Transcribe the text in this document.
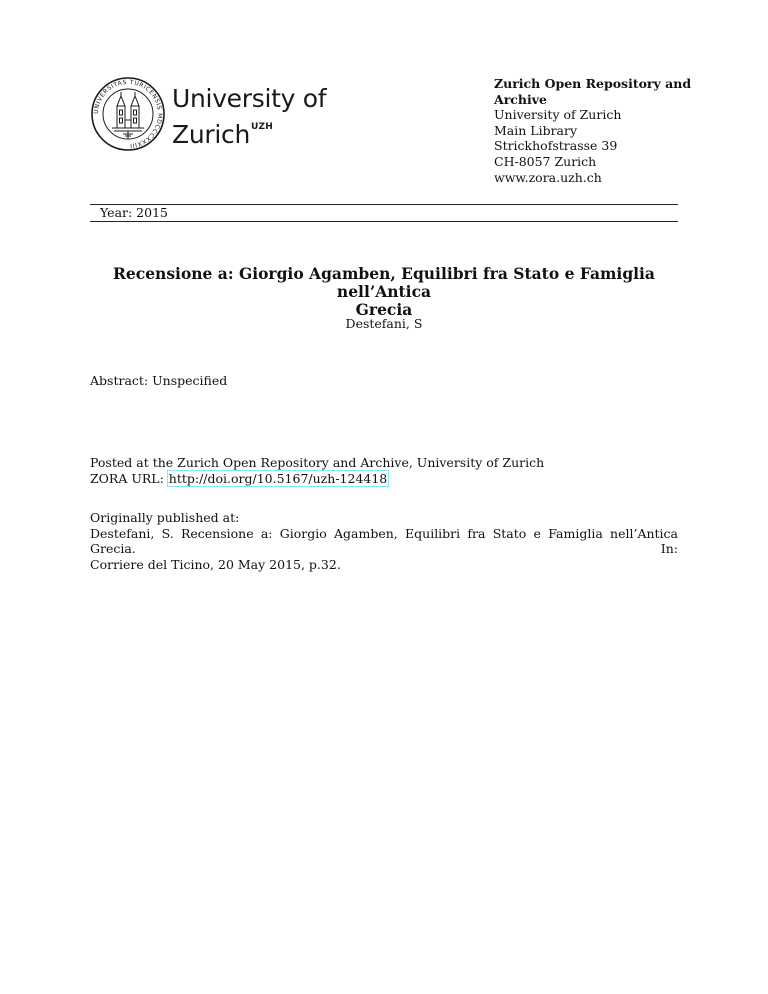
UNIVERSITAS TURICENSIS MDCCCXXXIII
University of
Zurich$^{UZH}$
Zurich Open Repository and
Archive
University of Zurich
Main Library
Strickhofstrasse 39
CH-8057 Zurich
www.zora.uzh.ch
Year: 2015
Recensione a: Giorgio Agamben, Equilibri fra Stato e Famiglia nell’Antica
Grecia
Destefani, S
Abstract: Unspecified
Posted at the Zurich Open Repository and Archive, University of Zurich
ZORA URL: http://doi.org/10.5167/uzh-124418
Originally published at:
Destefani, S. Recensione a: Giorgio Agamben, Equilibri fra Stato e Famiglia nell’Antica Grecia. In:
Corriere del Ticino, 20 May 2015, p.32.
